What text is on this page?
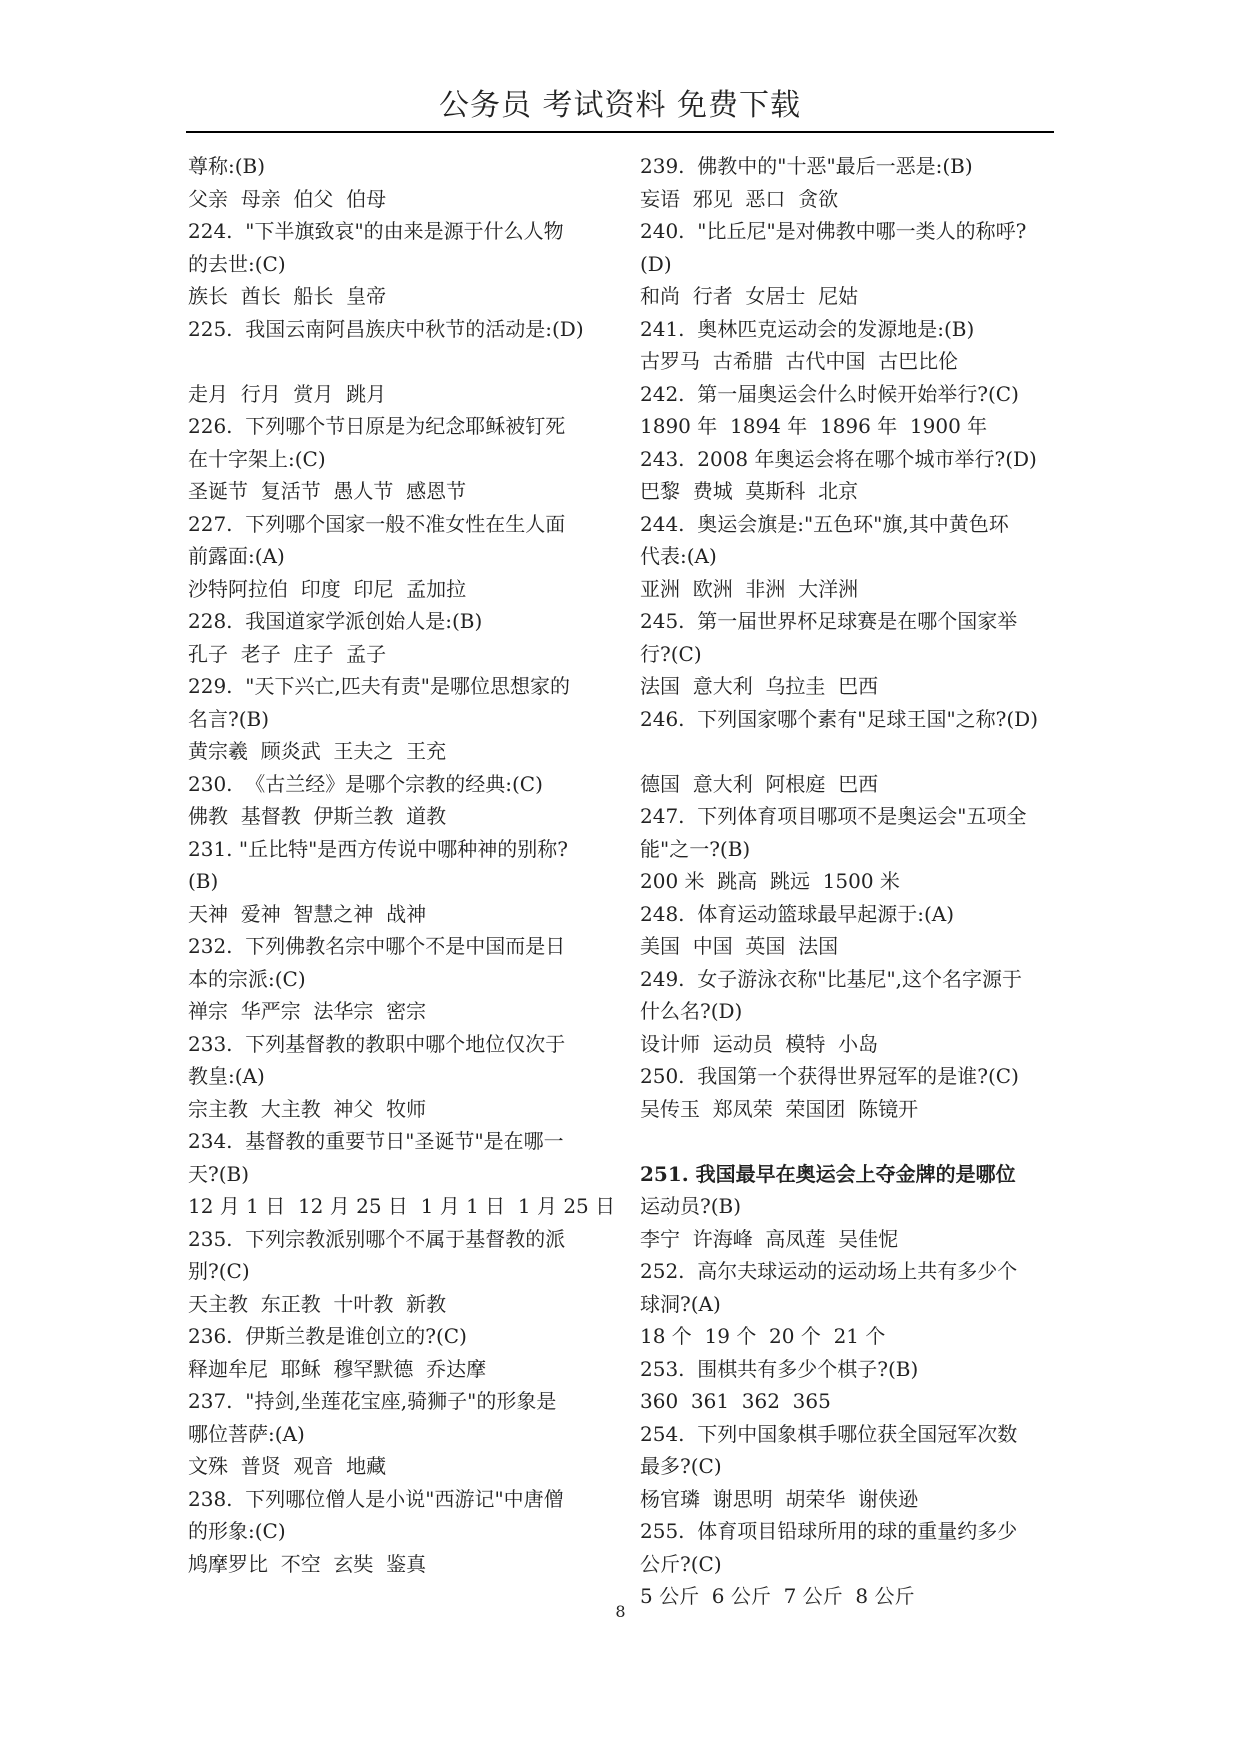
公务员 考试资料 免费下载
尊称:(B)
父亲  母亲  伯父  伯母
224.  "下半旗致哀"的由来是源于什么人物
的去世:(C)
族长  酋长  船长  皇帝
225.  我国云南阿昌族庆中秋节的活动是:(D)
走月  行月  赏月  跳月
226.  下列哪个节日原是为纪念耶稣被钉死
在十字架上:(C)
圣诞节  复活节  愚人节  感恩节
227.  下列哪个国家一般不准女性在生人面
前露面:(A)
沙特阿拉伯  印度  印尼  孟加拉
228.  我国道家学派创始人是:(B)
孔子  老子  庄子  孟子
229.  "天下兴亡,匹夫有责"是哪位思想家的
名言?(B)
黄宗羲  顾炎武  王夫之  王充
230.  《古兰经》是哪个宗教的经典:(C)
佛教  基督教  伊斯兰教  道教
231. "丘比特"是西方传说中哪种神的别称?
(B)
天神  爱神  智慧之神  战神
232.  下列佛教名宗中哪个不是中国而是日
本的宗派:(C)
禅宗  华严宗  法华宗  密宗
233.  下列基督教的教职中哪个地位仅次于
教皇:(A)
宗主教  大主教  神父  牧师
234.  基督教的重要节日"圣诞节"是在哪一
天?(B)
12 月 1 日  12 月 25 日  1 月 1 日  1 月 25 日
235.  下列宗教派别哪个不属于基督教的派
别?(C)
天主教  东正教  十叶教  新教
236.  伊斯兰教是谁创立的?(C)
释迦牟尼  耶稣  穆罕默德  乔达摩
237.  "持剑,坐莲花宝座,骑狮子"的形象是
哪位菩萨:(A)
文殊  普贤  观音  地藏
238.  下列哪位僧人是小说"西游记"中唐僧
的形象:(C)
鸠摩罗比  不空  玄奘  鉴真
239.  佛教中的"十恶"最后一恶是:(B)
妄语  邪见  恶口  贪欲
240.  "比丘尼"是对佛教中哪一类人的称呼?
(D)
和尚  行者  女居士  尼姑
241.  奥林匹克运动会的发源地是:(B)
古罗马  古希腊  古代中国  古巴比伦
242.  第一届奥运会什么时候开始举行?(C)
1890 年  1894 年  1896 年  1900 年
243.  2008 年奥运会将在哪个城市举行?(D)
巴黎  费城  莫斯科  北京
244.  奥运会旗是:"五色环"旗,其中黄色环
代表:(A)
亚洲  欧洲  非洲  大洋洲
245.  第一届世界杯足球赛是在哪个国家举
行?(C)
法国  意大利  乌拉圭  巴西
246.  下列国家哪个素有"足球王国"之称?(D)
德国  意大利  阿根庭  巴西
247.  下列体育项目哪项不是奥运会"五项全
能"之一?(B)
200 米  跳高  跳远  1500 米
248.  体育运动篮球最早起源于:(A)
美国  中国  英国  法国
249.  女子游泳衣称"比基尼",这个名字源于
什么名?(D)
设计师  运动员  模特  小岛
250.  我国第一个获得世界冠军的是谁?(C)
吴传玉  郑凤荣  荣国团  陈镜开
251. 我国最早在奥运会上夺金牌的是哪位
运动员?(B)
李宁  许海峰  高凤莲  吴佳怩
252.  高尔夫球运动的运动场上共有多少个
球洞?(A)
18 个  19 个  20 个  21 个
253.  围棋共有多少个棋子?(B)
360  361  362  365
254.  下列中国象棋手哪位获全国冠军次数
最多?(C)
杨官璘  谢思明  胡荣华  谢侠逊
255.  体育项目铅球所用的球的重量约多少
公斤?(C)
5 公斤  6 公斤  7 公斤  8 公斤
8
